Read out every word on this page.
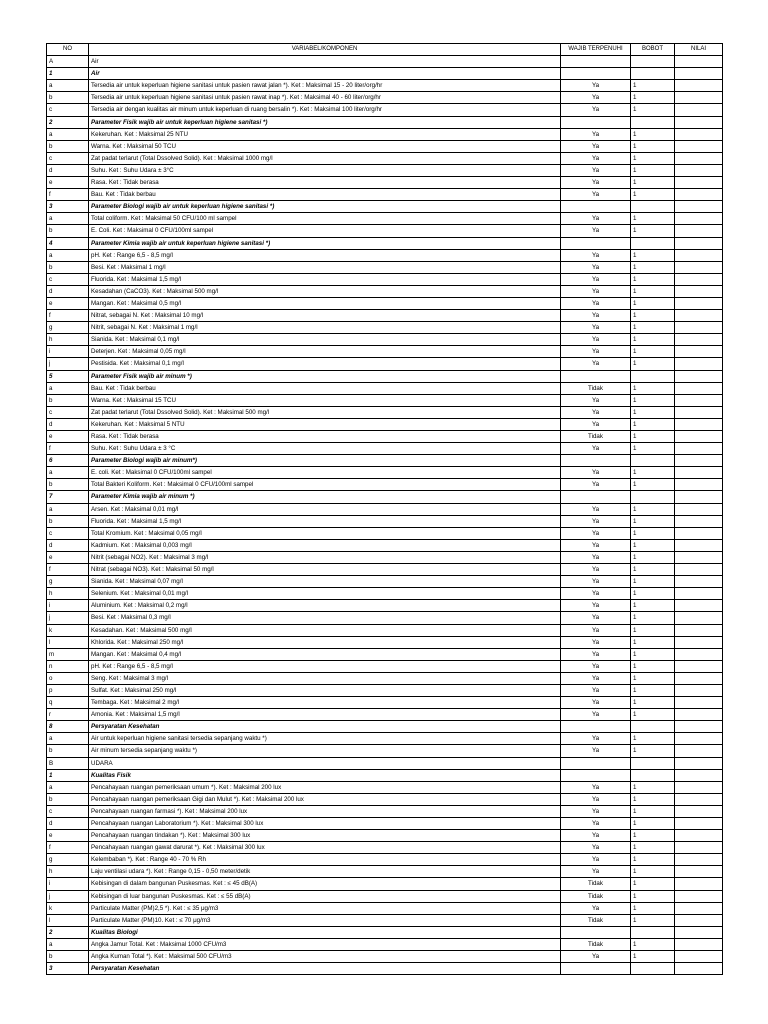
NO	VARIABEL/KOMPONEN	WAJIB TERPENUHI	BOBOT	NILAI
A	Air			
1	Air			
a	Tersedia air untuk keperluan higiene sanitasi untuk pasien rawat jalan *). Ket : Maksimal 15 - 20 liter/org/hr	Ya	1	
b	Tersedia air untuk keperluan higiene sanitasi untuk pasien rawat inap *). Ket : Maksimal 40 - 60 liter/org/hr	Ya	1	
c	Tersedia air dengan kualitas air minum untuk keperluan di ruang bersalin *). Ket : Maksimal 100 liter/org/hr	Ya	1	
2	Parameter Fisik wajib air untuk keperluan higiene sanitasi *)			
a	Kekeruhan. Ket : Maksimal 25 NTU	Ya	1	
b	Warna. Ket : Maksimal 50 TCU	Ya	1	
c	Zat padat terlarut (Total Dssolved Solid). Ket : Maksimal 1000 mg/l	Ya	1	
d	Suhu. Ket : Suhu Udara ± 3°C	Ya	1	
e	Rasa. Ket : Tidak berasa	Ya	1	
f	Bau. Ket : Tidak berbau	Ya	1	
3	Parameter Biologi wajib air untuk keperluan higiene sanitasi *)			
a	Total coliform. Ket : Maksimal 50 CFU/100 ml sampel	Ya	1	
b	E. Coli. Ket : Maksimal 0 CFU/100ml sampel	Ya	1	
4	Parameter Kimia wajib air untuk keperluan higiene sanitasi *)			
a	pH. Ket : Range 6,5 - 8,5 mg/l	Ya	1	
b	Besi. Ket : Maksimal 1 mg/l	Ya	1	
c	Fluorida. Ket : Maksimal 1,5 mg/l	Ya	1	
d	Kesadahan (CaCO3). Ket : Maksimal 500 mg/l	Ya	1	
e	Mangan. Ket : Maksimal 0,5 mg/l	Ya	1	
f	Nitrat, sebagai N. Ket : Maksimal 10 mg/l	Ya	1	
g	Nitrit, sebagai N. Ket : Maksimal 1 mg/l	Ya	1	
h	Sianida. Ket : Maksimal 0,1 mg/l	Ya	1	
i	Deterjen. Ket : Maksimal 0,05 mg/l	Ya	1	
j	Pestisida. Ket : Maksimal 0,1 mg/l	Ya	1	
5	Parameter Fisik wajib air minum *)			
a	Bau. Ket : Tidak berbau	Tidak	1	
b	Warna. Ket : Maksimal 15 TCU	Ya	1	
c	Zat padat terlarut (Total Dssolved Solid). Ket : Maksimal 500 mg/l	Ya	1	
d	Kekeruhan. Ket : Maksimal 5 NTU	Ya	1	
e	Rasa. Ket : Tidak berasa	Tidak	1	
f	Suhu. Ket : Suhu Udara ± 3 °C	Ya	1	
6	Parameter Biologi wajib air minum*)			
a	E. coli. Ket : Maksimal 0 CFU/100ml sampel	Ya	1	
b	Total Bakteri Koliform. Ket : Maksimal 0 CFU/100ml sampel	Ya	1	
7	Parameter Kimia wajib air minum *)			
a	Arsen. Ket : Maksimal 0,01 mg/l	Ya	1	
b	Fluorida. Ket : Maksimal 1,5 mg/l	Ya	1	
c	Total Kromium. Ket : Maksimal 0,05 mg/l	Ya	1	
d	Kadmium. Ket : Maksimal 0,003 mg/l	Ya	1	
e	Nitrit (sebagai NO2). Ket : Maksimal 3 mg/l	Ya	1	
f	Nitrat (sebagai NO3). Ket : Maksimal 50 mg/l	Ya	1	
g	Sianida. Ket : Maksimal 0,07 mg/l	Ya	1	
h	Selenium. Ket : Maksimal 0,01 mg/l	Ya	1	
i	Aluminium. Ket : Maksimal 0,2 mg/l	Ya	1	
j	Besi. Ket : Maksimal 0,3 mg/l	Ya	1	
k	Kesadahan. Ket : Maksimal 500 mg/l	Ya	1	
l	Khlorida. Ket : Maksimal 250 mg/l	Ya	1	
m	Mangan. Ket : Maksimal 0,4 mg/l	Ya	1	
n	pH. Ket : Range 6,5 - 8,5 mg/l	Ya	1	
o	Seng. Ket : Maksimal 3 mg/l	Ya	1	
p	Sulfat. Ket : Maksimal 250 mg/l	Ya	1	
q	Tembaga. Ket : Maksimal 2 mg/l	Ya	1	
r	Amonia. Ket : Maksimal 1,5 mg/l	Ya	1	
8	Persyaratan Kesehatan			
a	Air untuk keperluan higiene sanitasi tersedia sepanjang waktu *)	Ya	1	
b	Air minum tersedia sepanjang waktu *)	Ya	1	
B	UDARA			
1	Kualitas Fisik			
a	Pencahayaan ruangan pemeriksaan umum *). Ket : Maksimal 200 lux	Ya	1	
b	Pencahayaan ruangan pemeriksaan Gigi dan Mulut *). Ket : Maksimal 200 lux	Ya	1	
c	Pencahayaan ruangan farmasi *). Ket : Maksimal 200 lux	Ya	1	
d	Pencahayaan ruangan Laboratorium *). Ket : Maksimal 300 lux	Ya	1	
e	Pencahayaan ruangan tindakan *). Ket : Maksimal 300 lux	Ya	1	
f	Pencahayaan ruangan gawat darurat *). Ket : Maksimal 300 lux	Ya	1	
g	Kelembaban *). Ket : Range 40 - 70 % Rh	Ya	1	
h	Laju ventilasi udara *). Ket : Range 0,15 - 0,50 meter/detik	Ya	1	
i	Kebisingan di dalam bangunan Puskesmas. Ket : ≤ 45 dB(A)	Tidak	1	
j	Kebisingan di luar bangunan Puskesmas. Ket : ≤ 55 dB(A)	Tidak	1	
k	Particulate Matter (PM)2,5 *). Ket : ≤ 35 μg/m3	Ya	1	
l	Particulate Matter (PM)10. Ket : ≤ 70 μg/m3	Tidak	1	
2	Kualitas Biologi			
a	Angka Jamur Total. Ket : Maksimal 1000 CFU/m3	Tidak	1	
b	Angka Kuman Total *). Ket : Maksimal 500 CFU/m3	Ya	1	
3	Persyaratan Kesehatan			
